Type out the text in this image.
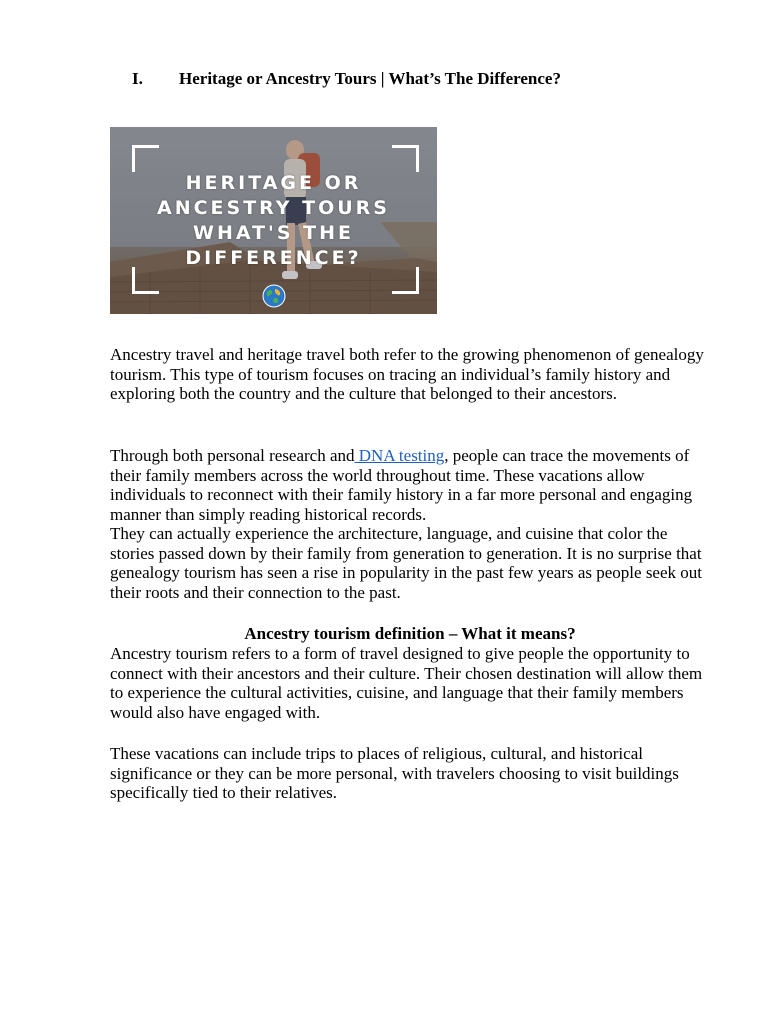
I. Heritage or Ancestry Tours | What’s The Difference?
HERITAGE OR
ANCESTRY TOURS
WHAT'S THE
DIFFERENCE?
Ancestry travel and heritage travel both refer to the growing phenomenon of genealogy tourism. This type of tourism focuses on tracing an individual’s family history and exploring both the country and the culture that belonged to their ancestors.
Through both personal research and DNA testing, people can trace the movements of their family members across the world throughout time. These vacations allow individuals to reconnect with their family history in a far more personal and engaging manner than simply reading historical records.
They can actually experience the architecture, language, and cuisine that color the stories passed down by their family from generation to generation. It is no surprise that genealogy tourism has seen a rise in popularity in the past few years as people seek out their roots and their connection to the past.
Ancestry tourism definition – What it means?
Ancestry tourism refers to a form of travel designed to give people the opportunity to connect with their ancestors and their culture. Their chosen destination will allow them to experience the cultural activities, cuisine, and language that their family members would also have engaged with.
These vacations can include trips to places of religious, cultural, and historical significance or they can be more personal, with travelers choosing to visit buildings specifically tied to their relatives.
